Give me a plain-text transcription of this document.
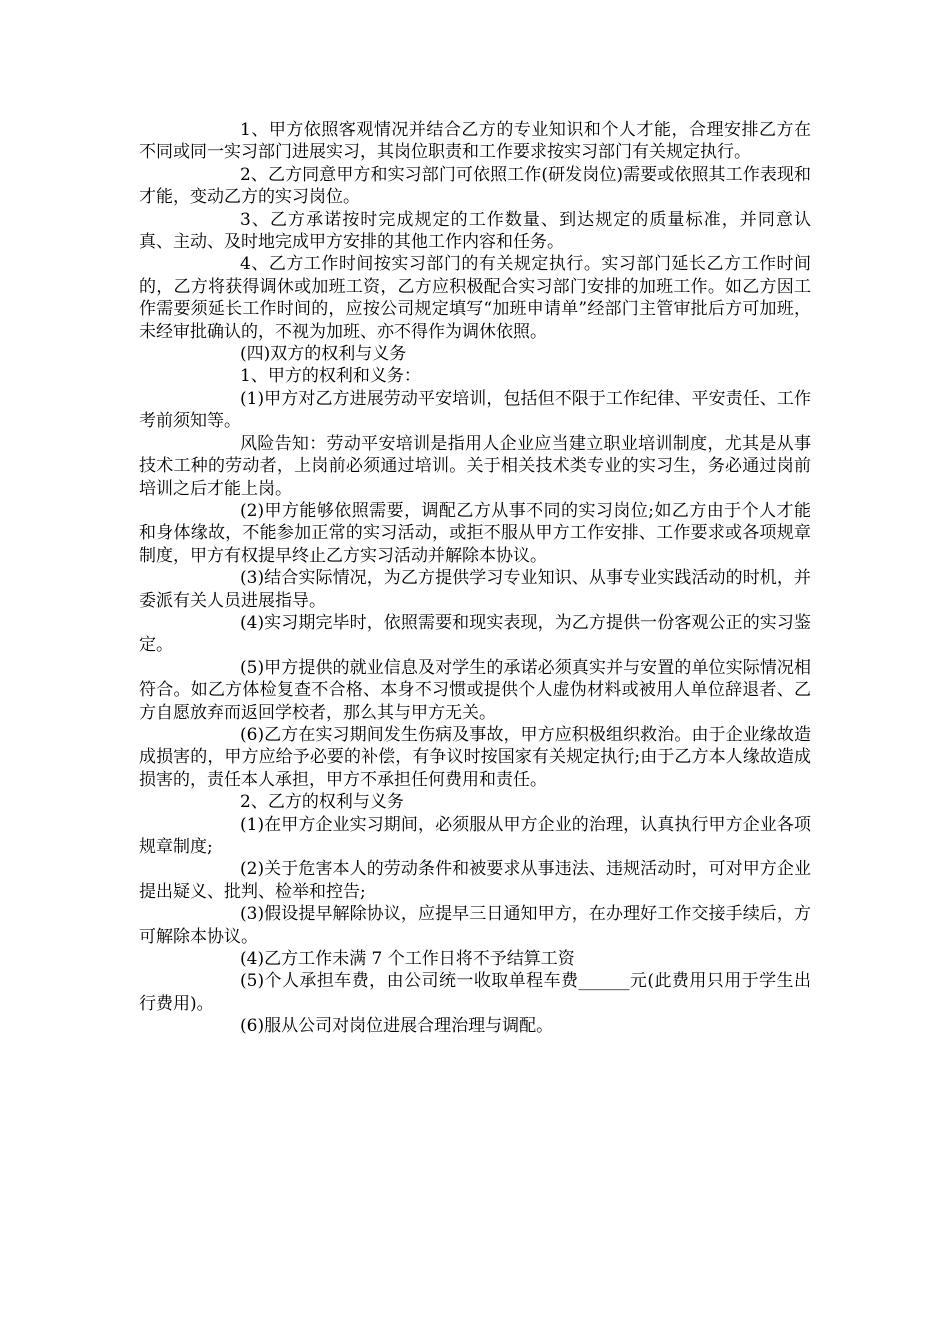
1、甲方依照客观情况并结合乙方的专业知识和个人才能，合理安排乙方在不同或同一实习部门进展实习，其岗位职责和工作要求按实习部门有关规定执行。

2、乙方同意甲方和实习部门可依照工作(研发岗位)需要或依照其工作表现和才能，变动乙方的实习岗位。

3、乙方承诺按时完成规定的工作数量、到达规定的质量标准，并同意认真、主动、及时地完成甲方安排的其他工作内容和任务。

4、乙方工作时间按实习部门的有关规定执行。实习部门延长乙方工作时间的，乙方将获得调休或加班工资，乙方应积极配合实习部门安排的加班工作。如乙方因工作需要须延长工作时间的，应按公司规定填写“加班申请单”经部门主管审批后方可加班，未经审批确认的，不视为加班、亦不得作为调休依照。

(四)双方的权利与义务

1、甲方的权利和义务：

(1)甲方对乙方进展劳动平安培训，包括但不限于工作纪律、平安责任、工作考前须知等。

风险告知：劳动平安培训是指用人企业应当建立职业培训制度，尤其是从事技术工种的劳动者，上岗前必须通过培训。关于相关技术类专业的实习生，务必通过岗前培训之后才能上岗。

(2)甲方能够依照需要，调配乙方从事不同的实习岗位;如乙方由于个人才能和身体缘故，不能参加正常的实习活动，或拒不服从甲方工作安排、工作要求或各项规章制度，甲方有权提早终止乙方实习活动并解除本协议。

(3)结合实际情况，为乙方提供学习专业知识、从事专业实践活动的时机，并委派有关人员进展指导。

(4)实习期完毕时，依照需要和现实表现，为乙方提供一份客观公正的实习鉴定。

(5)甲方提供的就业信息及对学生的承诺必须真实并与安置的单位实际情况相符合。如乙方体检复查不合格、本身不习惯或提供个人虚伪材料或被用人单位辞退者、乙方自愿放弃而返回学校者，那么其与甲方无关。

(6)乙方在实习期间发生伤病及事故，甲方应积极组织救治。由于企业缘故造成损害的，甲方应给予必要的补偿，有争议时按国家有关规定执行;由于乙方本人缘故造成损害的，责任本人承担，甲方不承担任何费用和责任。

2、乙方的权利与义务

(1)在甲方企业实习期间，必须服从甲方企业的治理，认真执行甲方企业各项规章制度;

(2)关于危害本人的劳动条件和被要求从事违法、违规活动时，可对甲方企业提出疑义、批判、检举和控告;

(3)假设提早解除协议，应提早三日通知甲方，在办理好工作交接手续后，方可解除本协议。

(4)乙方工作未满 7 个工作日将不予结算工资

(5)个人承担车费，由公司统一收取单程车费______元(此费用只用于学生出行费用)。

(6)服从公司对岗位进展合理治理与调配。
